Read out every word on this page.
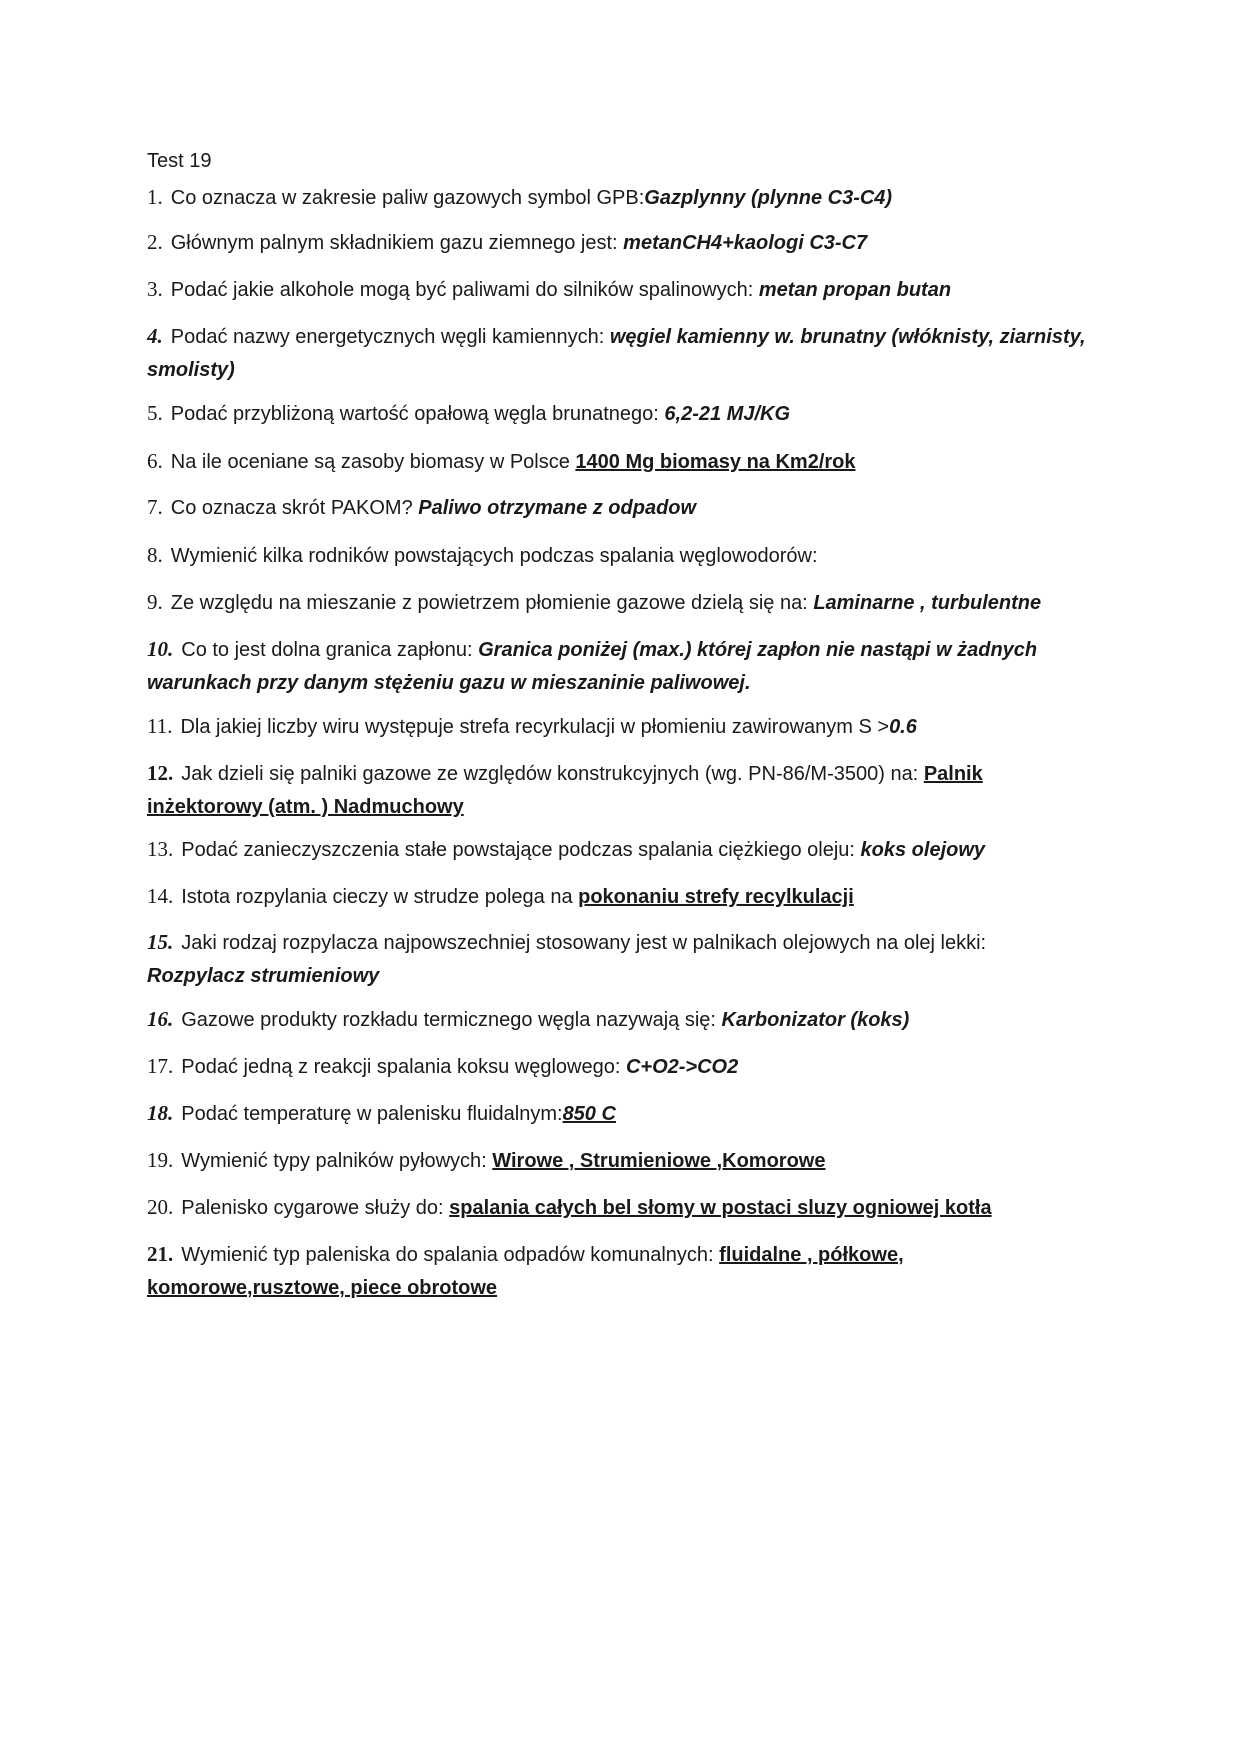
Test 19
1. Co oznacza w zakresie paliw gazowych symbol GPB:Gazplynny (plynne C3-C4)
2. Głównym palnym składnikiem gazu ziemnego jest: metanCH4+kaologi C3-C7
3. Podać jakie alkohole mogą być paliwami do silników spalinowych: metan propan butan
4. Podać nazwy energetycznych węgli kamiennych: węgiel kamienny w. brunatny (włóknisty, ziarnisty, smolisty)
5. Podać przybliżoną wartość opałową węgla brunatnego: 6,2-21 MJ/KG
6. Na ile oceniane są zasoby biomasy w Polsce 1400 Mg biomasy na Km2/rok
7. Co oznacza skrót PAKOM? Paliwo otrzymane z odpadow
8. Wymienić kilka rodników powstających podczas spalania węglowodorów:
9. Ze względu na mieszanie z powietrzem płomienie gazowe dzielą się na: Laminarne , turbulentne
10. Co to jest dolna granica zapłonu: Granica poniżej (max.) której zapłon nie nastąpi w żadnych warunkach przy danym stężeniu gazu w mieszaninie paliwowej.
11. Dla jakiej liczby wiru występuje strefa recyrkulacji w płomieniu zawirowanym S >0.6
12. Jak dzieli się palniki gazowe ze względów konstrukcyjnych (wg. PN-86/M-3500) na: Palnik inżektorowy (atm. ) Nadmuchowy
13. Podać zanieczyszczenia stałe powstające podczas spalania ciężkiego oleju: koks olejowy
14. Istota rozpylania cieczy w strudze polega na pokonaniu strefy recylkulacji
15. Jaki rodzaj rozpylacza najpowszechniej stosowany jest w palnikach olejowych na olej lekki: Rozpylacz strumieniowy
16. Gazowe produkty rozkładu termicznego węgla nazywają się: Karbonizator (koks)
17. Podać jedną z reakcji spalania koksu węglowego: C+O2->CO2
18. Podać temperaturę w palenisku fluidalnym:850 C
19. Wymienić typy palników pyłowych: Wirowe , Strumieniowe ,Komorowe
20. Palenisko cygarowe służy do: spalania całych bel słomy w postaci sluzy ogniowej kotła
21. Wymienić typ paleniska do spalania odpadów komunalnych: fluidalne , półkowe, komorowe,rusztowe, piece obrotowe
